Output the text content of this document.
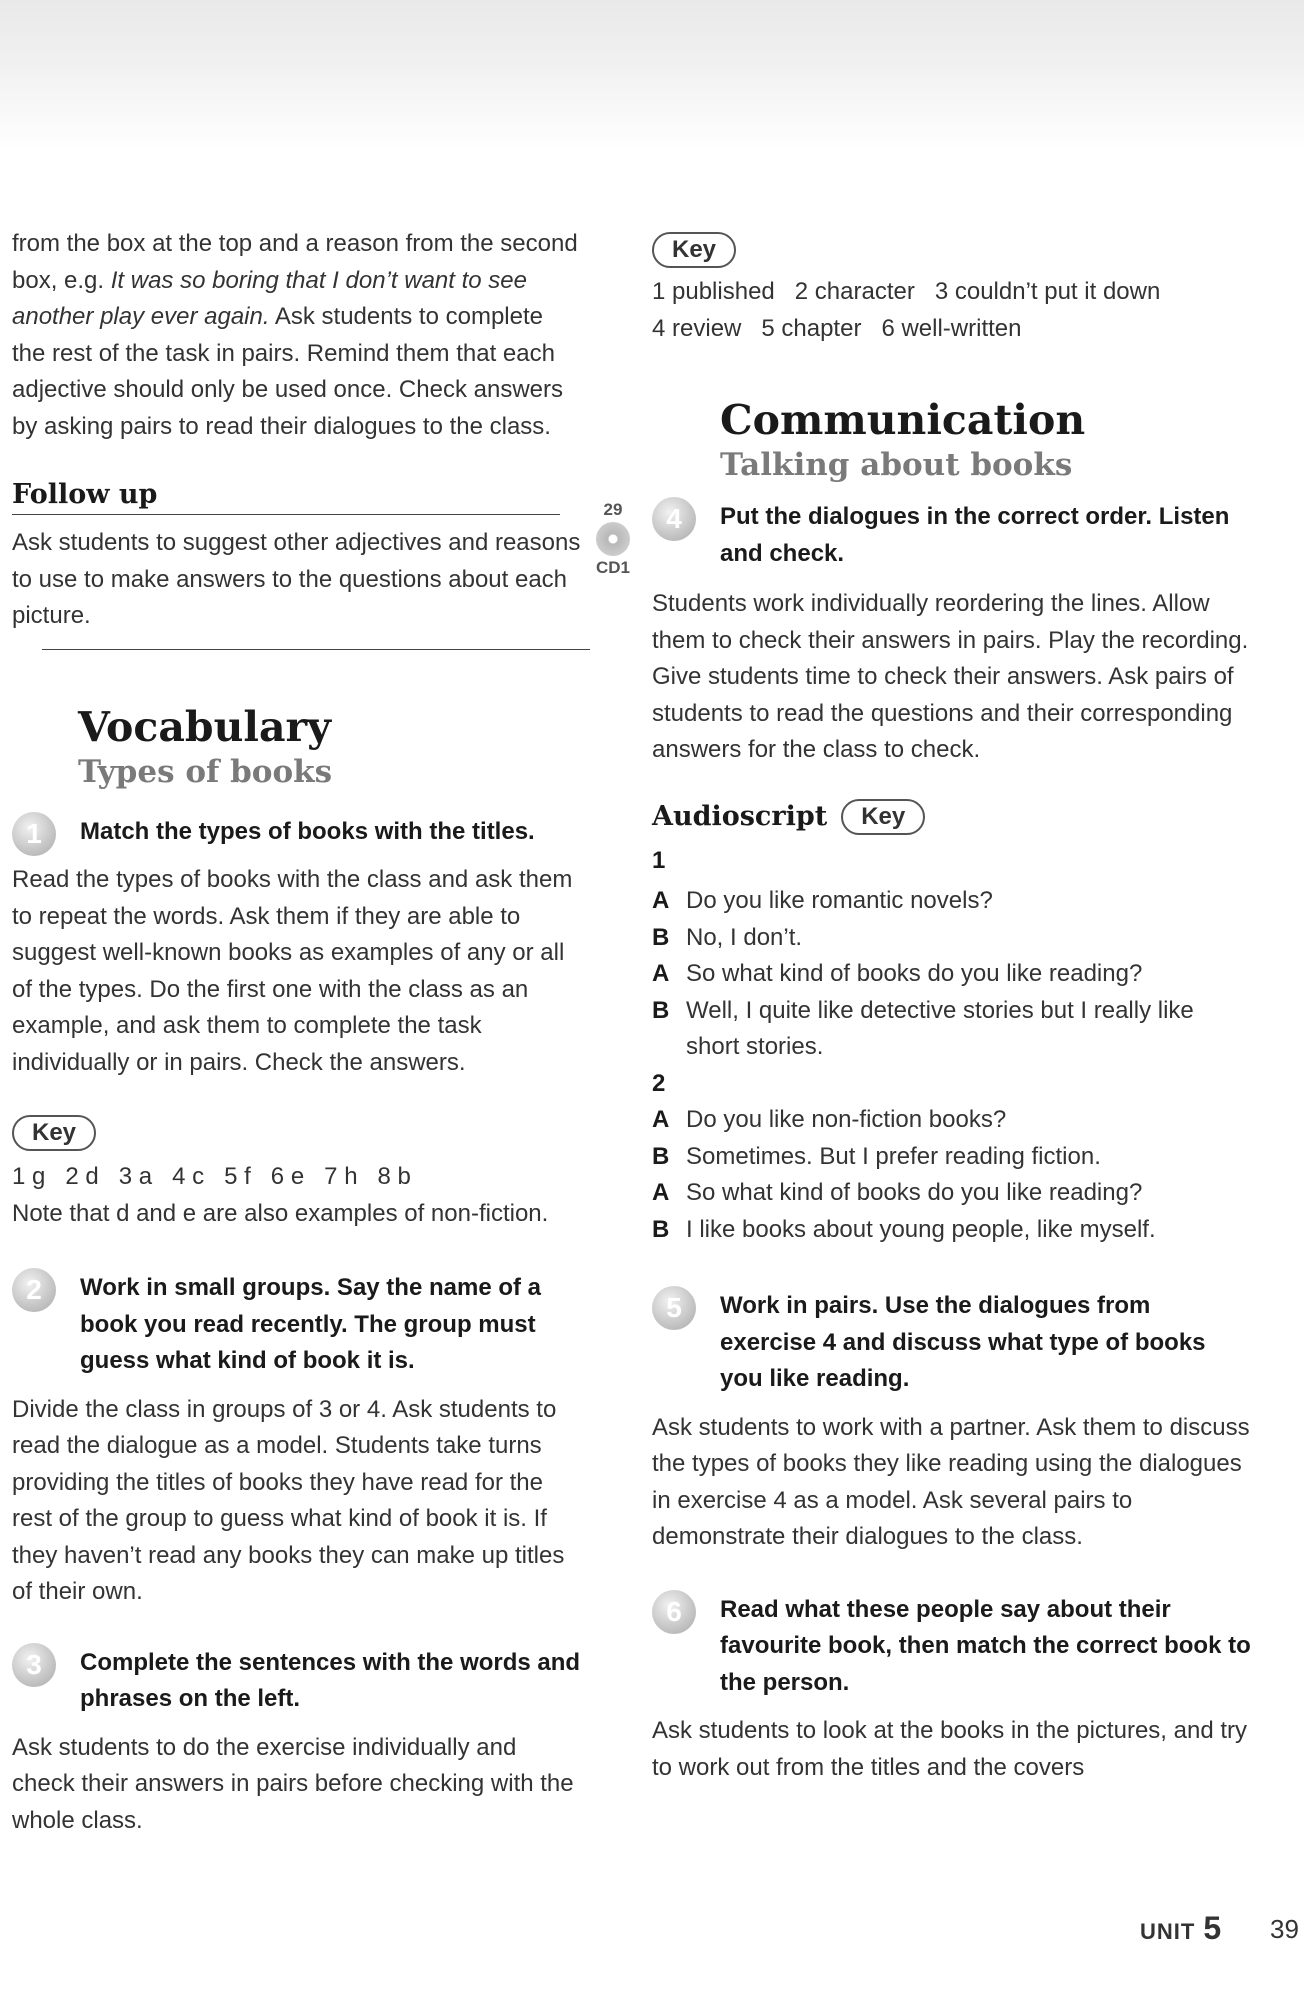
from the box at the top and a reason from the second box, e.g. It was so boring that I don’t want to see another play ever again. Ask students to complete the rest of the task in pairs. Remind them that each adjective should only be used once. Check answers by asking pairs to read their dialogues to the class.

Follow up

Ask students to suggest other adjectives and reasons to use to make answers to the questions about each picture.

Vocabulary

Types of books

1	Match the types of books with the titles.

Read the types of books with the class and ask them to repeat the words. Ask them if they are able to suggest well-known books as examples of any or all of the types. Do the first one with the class as an example, and ask them to complete the task individually or in pairs. Check the answers.

Key

1 g   2 d   3 a   4 c   5 f   6 e   7 h   8 b

Note that d and e are also examples of non-fiction.

2	Work in small groups. Say the name of a book you read recently. The group must guess what kind of book it is.

Divide the class in groups of 3 or 4. Ask students to read the dialogue as a model. Students take turns providing the titles of books they have read for the rest of the group to guess what kind of book it is. If they haven’t read any books they can make up titles of their own.

3	Complete the sentences with the words and phrases on the left.

Ask students to do the exercise individually and check their answers in pairs before checking with the whole class.

29
CD1
Key

1 published   2 character   3 couldn’t put it down

4 review   5 chapter   6 well-written

Communication

Talking about books

4	Put the dialogues in the correct order. Listen and check.

Students work individually reordering the lines. Allow them to check their answers in pairs. Play the recording. Give students time to check their answers. Ask pairs of students to read the questions and their corresponding answers for the class to check.

Audioscript	Key

1

A Do you like romantic novels?

B No, I don’t.

A So what kind of books do you like reading?

B Well, I quite like detective stories but I really like short stories.

2

A Do you like non-fiction books?

B Sometimes. But I prefer reading fiction.

A So what kind of books do you like reading?

B I like books about young people, like myself.

5	Work in pairs. Use the dialogues from exercise 4 and discuss what type of books you like reading.

Ask students to work with a partner. Ask them to discuss the types of books they like reading using the dialogues in exercise 4 as a model. Ask several pairs to demonstrate their dialogues to the class.

6	Read what these people say about their favourite book, then match the correct book to the person.

Ask students to look at the books in the pictures, and try to work out from the titles and the covers

UNIT 5 39
